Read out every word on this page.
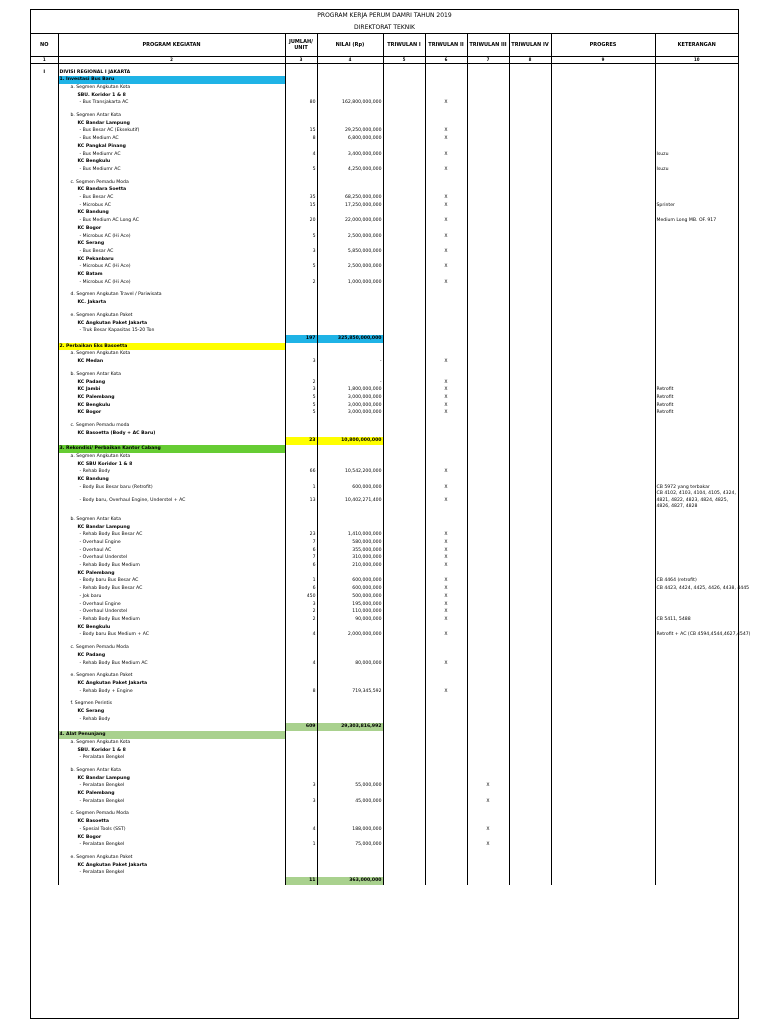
PROGRAM KERJA PERUM DAMRI TAHUN 2019
DIREKTORAT TEKNIK
NO	PROGRAM KEGIATAN	JUMLAH/ UNIT	NILAI (Rp)	TRIWULAN I	TRIWULAN II	TRIWULAN III	TRIWULAN IV	PROGRES	KETERANGAN
1	2	3	4	5	6	7	8	9	10

I	DIVISI REGIONAL I JAKARTA								
	1. Investasi Bus Baru								
	a. Segmen Angkutan Kota								
	SBU. Koridor 1 & 8								
	- Bus Transjakarta AC	80	162,800,000,000		X				

	b. Segmen Antar Kota								
	KC Bandar Lampung								
	- Bus Besar AC (Eksekutif)	15	29,250,000,000		X				
	- Bus Medium AC	8	6,800,000,000		X				
	KC Pangkal Pinang								
	- Bus Mediumr AC	4	3,400,000,000		X				Isuzu
	KC Bengkulu								
	- Bus Mediumr AC	5	4,250,000,000		X				Isuzu

	c. Segmen Pemadu Moda								
	KC Bandara Soetta								
	- Bus Besar AC	35	68,250,000,000		X				
	- Microbus AC	15	17,250,000,000		X				Sprinter
	KC Bandung								
	- Bus Medium AC Long AC	20	22,000,000,000		X				Medium Long MB. OF. 917
	KC Bogor								
	- Microbus AC (Hi Ace)	5	2,500,000,000		X				
	KC Serang								
	- Bus Besar AC	3	5,850,000,000		X				
	KC Pekanbaru								
	- Microbus AC (Hi Ace)	5	2,500,000,000		X				
	KC Batam								
	- Microbus AC (Hi Ace)	2	1,000,000,000		X				

	d. Segmen Angkutan Travel / Pariwisata								
	KC. Jakarta								

	e. Segmen Angkutan Paket								
	KC Angkutan Paket Jakarta								
	- Truk Besar Kapasitas 15-20 Ton								
		197	325,850,000,000						
	2. Perbaikan Eks Basoetta								
	a. Segmen Angkutan Kota								
	KC Medan	3	-		X				

	b. Segmen Antar Kota								
	KC Padang	2	-		X				
	KC Jambi	3	1,800,000,000		X				Retrofit
	KC Palembang	5	3,000,000,000		X				Retrofit
	KC Bengkulu	5	3,000,000,000		X				Retrofit
	KC Bogor	5	3,000,000,000		X				Retrofit

	c. Segmen Pemadu moda								
	KC Basoetta (Body + AC Baru)								
		23	10,800,000,000						
	3. Rekondisi/ Perbaikan Kantor Cabang								
	a. Segmen Angkutan Kota								
	KC SBU Koridor 1 & 8								
	- Rehab Body	66	10,542,200,000		X				
	KC Bandung								
	- Body Bus Besar baru (Retrofit)	1	600,000,000		X				CB 5972 yang terbakar
	- Body baru, Overhaul Engine, Understel + AC	13	10,402,271,400		X				CB 4102, 4103, 4104, 4105, 4324, 4821, 4822, 4823, 4824, 4825, 4826, 4827, 4828

	b. Segmen Antar Kota								
	KC Bandar Lampung								
	- Rehab Body Bus Besar AC	23	1,410,000,000		X				
	- Overhaul Engine	7	580,000,000		X				
	- Overhaul AC	6	355,000,000		X				
	- Overhaul Understel	7	310,000,000		X				
	- Rehab Body Bus Medium	6	210,000,000		X				
	KC Palembang								
	- Body baru Bus Besar AC	1	600,000,000		X				CB 4464 (retrofit)
	- Rehab Body Bus Besar AC	6	600,000,000		X				CB 4423, 4424, 4425, 4426, 4438, 4445
	- Jok baru	450	500,000,000		X				
	- Overhaul Engine	3	195,000,000		X				
	- Overhaul Understel	2	110,000,000		X				
	- Rehab Body Bus Medium	2	90,000,000		X				CB 5411, 5488
	KC Bengkulu								
	- Body baru Bus Medium + AC	4	2,000,000,000		X				Retrofit + AC (CB 4594,4544,4627,4547)

	c. Segmen Pemadu Moda								
	KC Padang								
	- Rehab Body Bus Medium AC	4	80,000,000		X				

	e. Segmen Angkutan Paket								
	KC Angkutan Paket Jakarta								
	- Rehab Body + Engine	8	719,345,592		X				

	f. Segmen Perintis								
	KC Serang								
	- Rehab Body								
		609	29,303,816,992						
	4. Alat Penunjang								
	a. Segmen Angkutan Kota								
	SBU. Koridor 1 & 8								
	- Peralatan Bengkel								

	b. Segmen Antar Kota								
	KC Bandar Lampung								
	- Peralatan Bengkel	3	55,000,000			X			
	KC Palembang								
	- Peralatan Bengkel	3	45,000,000			X			

	c. Segmen Pemadu Moda								
	KC Basoetta								
	- Spesial Tools (SST)	4	188,000,000			X			
	KC Bogor								
	- Peralatan Bengkel	1	75,000,000			X			

	e. Segmen Angkutan Paket								
	KC Angkutan Paket Jakarta								
	- Peralatan Bengkel								
		11	363,000,000						
